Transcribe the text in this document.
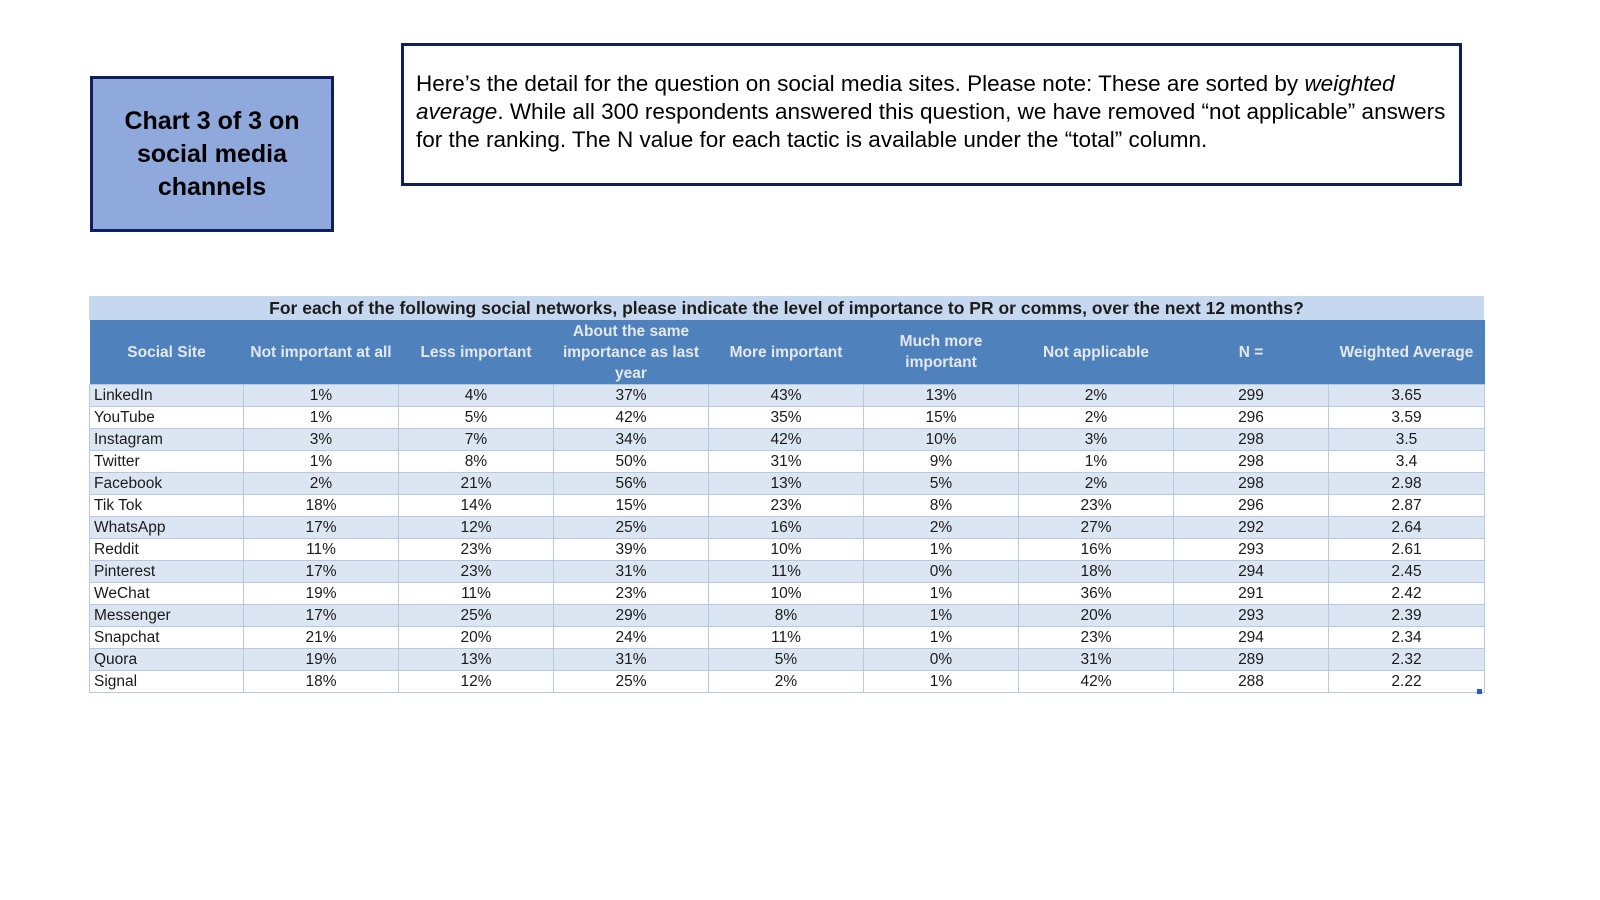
Chart 3 of 3 on social media channels
Here’s the detail for the question on social media sites. Please note: These are sorted by weighted average. While all 300 respondents answered this question, we have removed “not applicable” answers for the ranking. The N value for each tactic is available under the “total” column.
For each of the following social networks, please indicate the level of importance to PR or comms, over the next 12 months?
Social Site	Not important at all	Less important	About the same importance as last year	More important	Much more important	Not applicable	N =	Weighted Average
LinkedIn	1%	4%	37%	43%	13%	2%	299	3.65
YouTube	1%	5%	42%	35%	15%	2%	296	3.59
Instagram	3%	7%	34%	42%	10%	3%	298	3.5
Twitter	1%	8%	50%	31%	9%	1%	298	3.4
Facebook	2%	21%	56%	13%	5%	2%	298	2.98
Tik Tok	18%	14%	15%	23%	8%	23%	296	2.87
WhatsApp	17%	12%	25%	16%	2%	27%	292	2.64
Reddit	11%	23%	39%	10%	1%	16%	293	2.61
Pinterest	17%	23%	31%	11%	0%	18%	294	2.45
WeChat	19%	11%	23%	10%	1%	36%	291	2.42
Messenger	17%	25%	29%	8%	1%	20%	293	2.39
Snapchat	21%	20%	24%	11%	1%	23%	294	2.34
Quora	19%	13%	31%	5%	0%	31%	289	2.32
Signal	18%	12%	25%	2%	1%	42%	288	2.22
